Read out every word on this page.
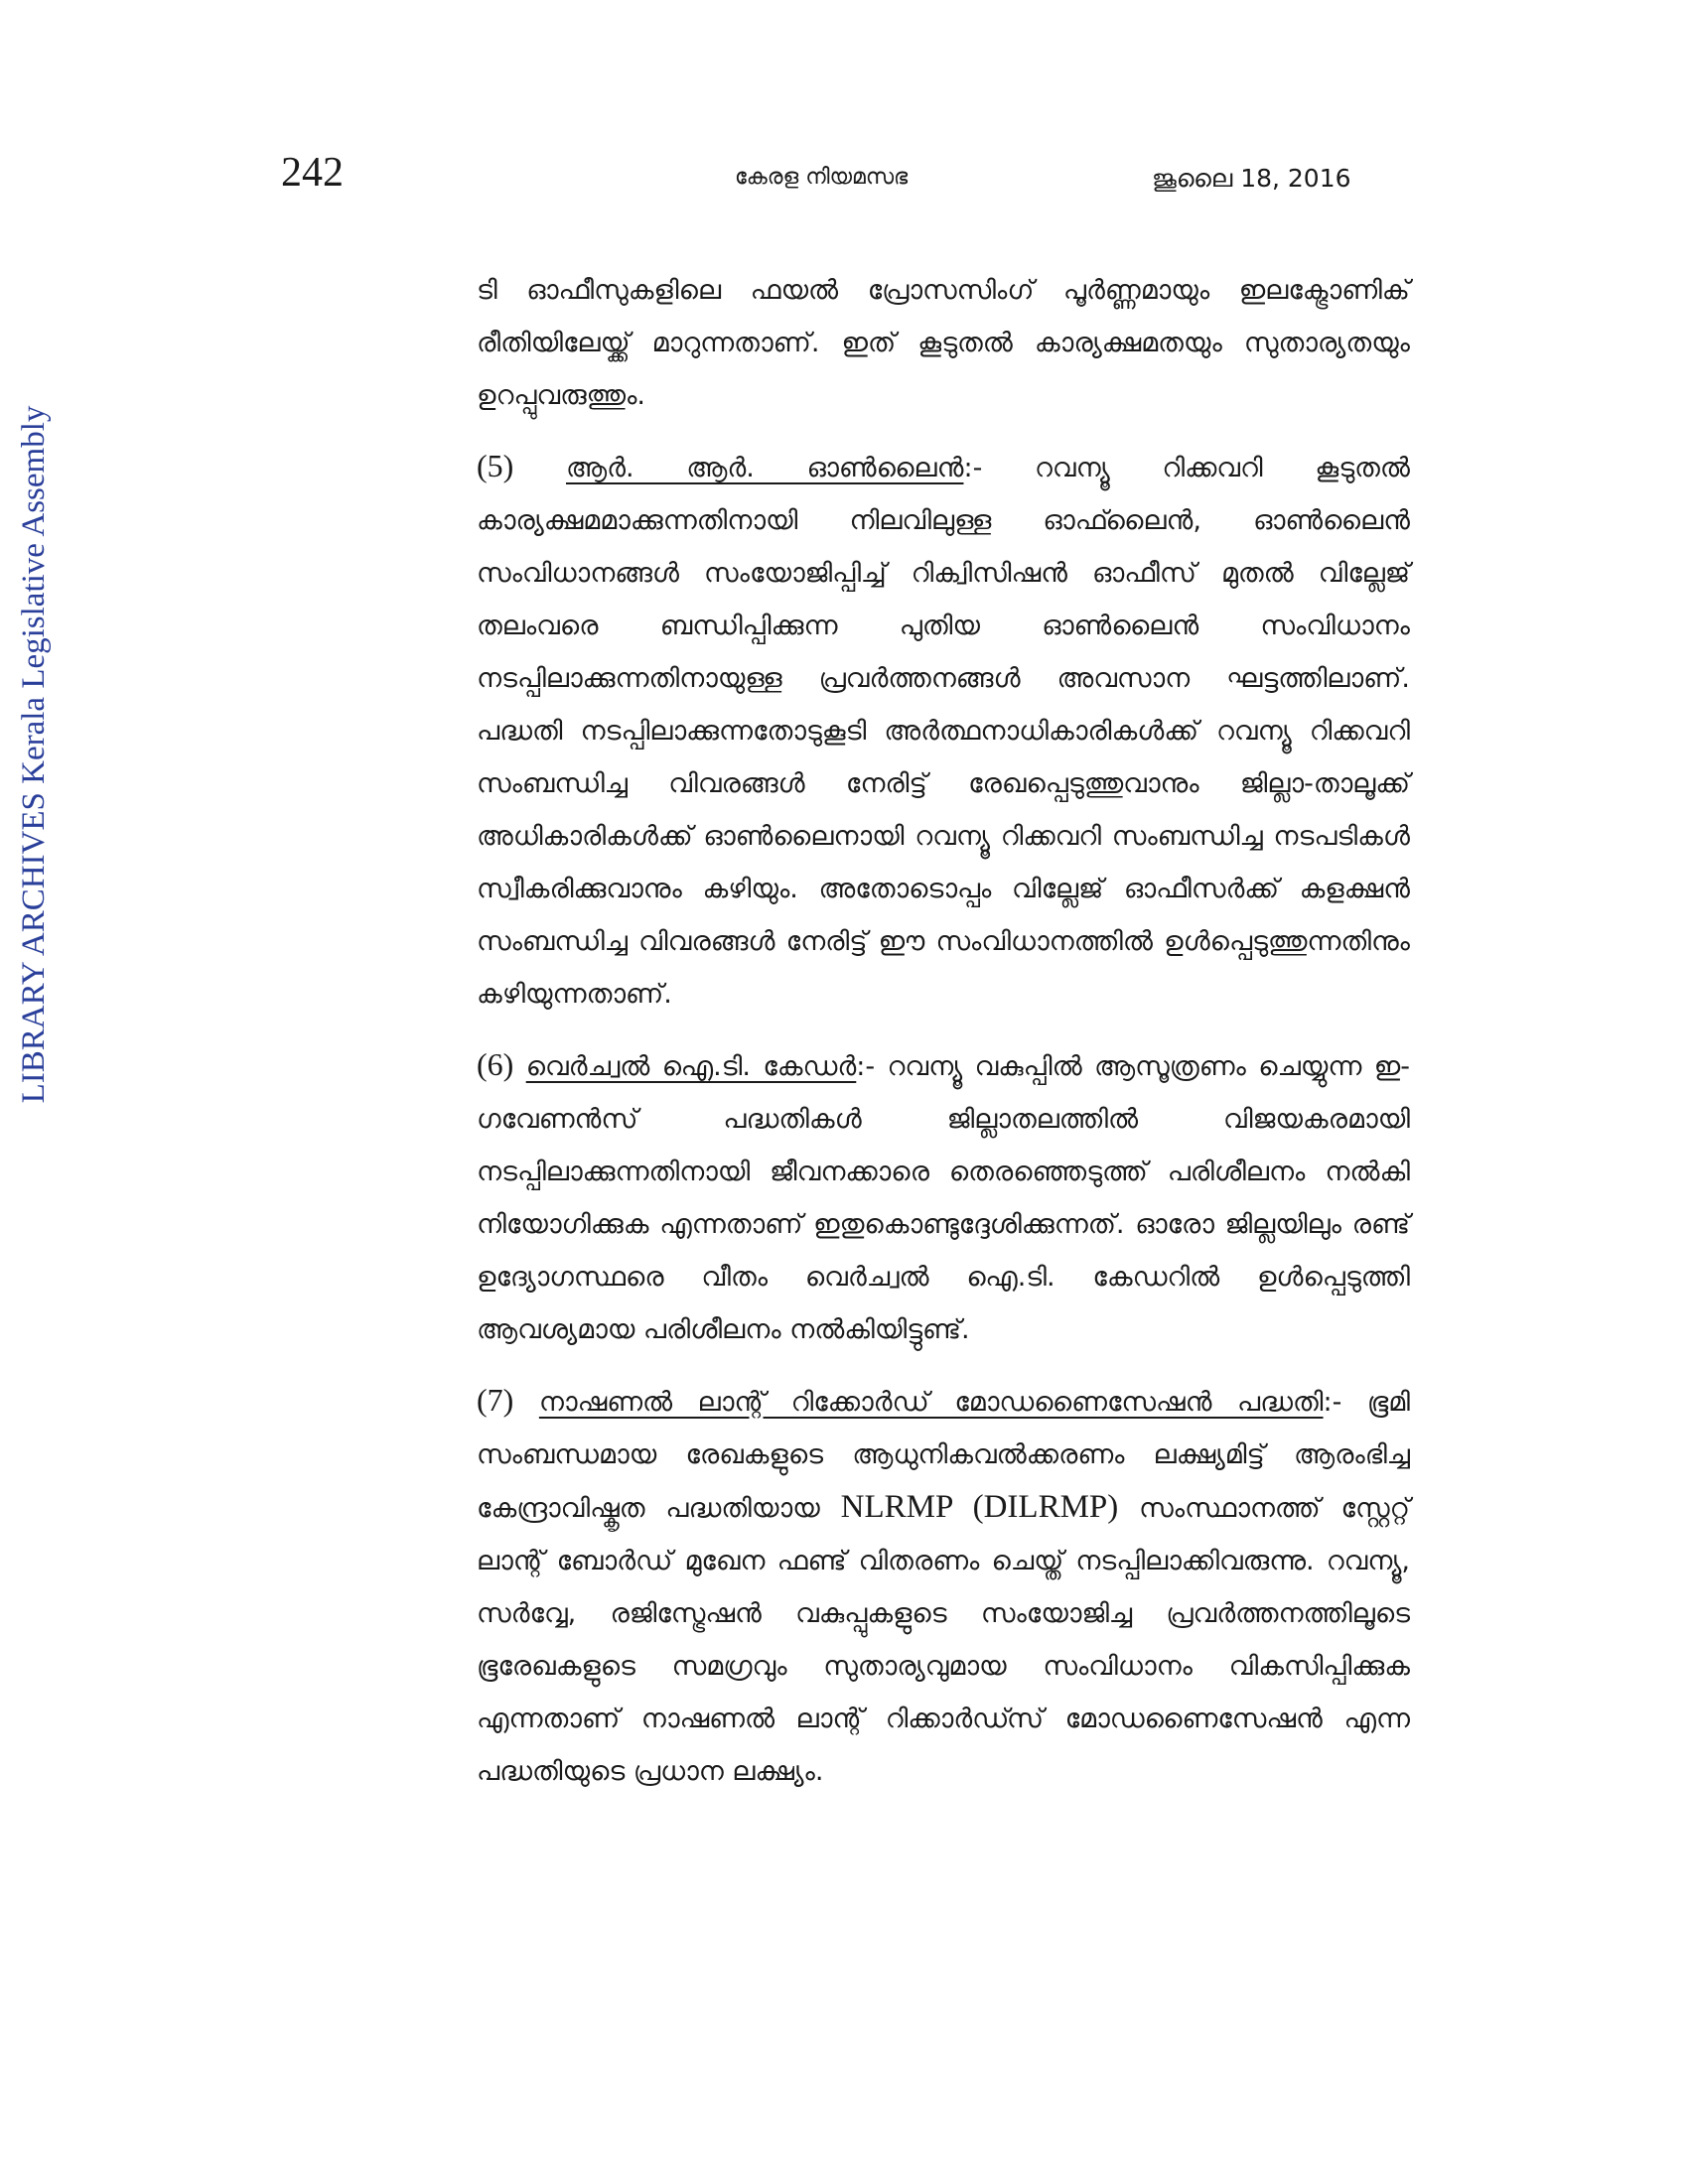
242	കേരള നിയമസഭ	ജൂലൈ 18, 2016
LIBRARY ARCHIVES Kerala Legislative Assembly

ടി ഓഫീസുകളിലെ ഫയൽ പ്രോസസിംഗ് പൂർണ്ണമായും ഇലക്ട്രോണിക് രീതിയിലേയ്ക്ക് മാറുന്നതാണ്. ഇത് കൂടുതൽ കാര്യക്ഷമതയും സുതാര്യതയും ഉറപ്പുവരുത്തും.

(5) ആർ. ആർ. ഓൺലൈൻ:- റവന്യൂ റിക്കവറി കൂടുതൽ കാര്യക്ഷമമാക്കുന്നതിനായി നിലവിലുള്ള ഓഫ്‍ലൈൻ, ഓൺലൈൻ സംവിധാനങ്ങൾ സംയോജിപ്പിച്ച് റിക്വിസിഷൻ ഓഫീസ് മുതൽ വില്ലേജ് തലംവരെ ബന്ധിപ്പിക്കുന്ന പുതിയ ഓൺലൈൻ സംവിധാനം നടപ്പിലാക്കുന്നതിനായുള്ള പ്രവർത്തനങ്ങൾ അവസാന ഘട്ടത്തിലാണ്. പദ്ധതി നടപ്പിലാക്കുന്നതോടുകൂടി അർത്ഥനാധികാരികൾക്ക് റവന്യൂ റിക്കവറി സംബന്ധിച്ച വിവരങ്ങൾ നേരിട്ട് രേഖപ്പെടുത്തുവാനും ജില്ലാ-താലൂക്ക് അധികാരികൾക്ക് ഓൺലൈനായി റവന്യൂ റിക്കവറി സംബന്ധിച്ച നടപടികൾ സ്വീകരിക്കുവാനും കഴിയും. അതോടൊപ്പം വില്ലേജ് ഓഫീസർക്ക് കളക്ഷൻ സംബന്ധിച്ച വിവരങ്ങൾ നേരിട്ട് ഈ സംവിധാനത്തിൽ ഉൾപ്പെടുത്തുന്നതിനും കഴിയുന്നതാണ്.

(6) വെർച്വൽ ഐ.ടി. കേഡർ:- റവന്യൂ വകുപ്പിൽ ആസൂത്രണം ചെയ്യുന്ന ഇ-ഗവേണൻസ് പദ്ധതികൾ ജില്ലാതലത്തിൽ വിജയകരമായി നടപ്പിലാക്കുന്നതിനായി ജീവനക്കാരെ തെരഞ്ഞെടുത്ത് പരിശീലനം നൽകി നിയോഗിക്കുക എന്നതാണ് ഇതുകൊണ്ടുദ്ദേശിക്കുന്നത്. ഓരോ ജില്ലയിലും രണ്ട് ഉദ്യോഗസ്ഥരെ വീതം വെർച്വൽ ഐ.ടി. കേഡറിൽ ഉൾപ്പെടുത്തി ആവശ്യമായ പരിശീലനം നൽകിയിട്ടുണ്ട്.

(7) നാഷണൽ ലാന്റ് റിക്കോർഡ് മോഡണൈസേഷൻ പദ്ധതി:- ഭൂമി സംബന്ധമായ രേഖകളുടെ ആധുനികവൽക്കരണം ലക്ഷ്യമിട്ട് ആരംഭിച്ച കേന്ദ്രാവിഷ്കൃത പദ്ധതിയായ NLRMP (DILRMP) സംസ്ഥാനത്ത് സ്റ്റേറ്റ് ലാന്റ് ബോർഡ് മുഖേന ഫണ്ട് വിതരണം ചെയ്ത് നടപ്പിലാക്കിവരുന്നു. റവന്യൂ, സർവ്വേ, രജിസ്ട്രേഷൻ വകുപ്പുകളുടെ സംയോജിച്ച പ്രവർത്തനത്തിലൂടെ ഭൂരേഖകളുടെ സമഗ്രവും സുതാര്യവുമായ സംവിധാനം വികസിപ്പിക്കുക എന്നതാണ് നാഷണൽ ലാന്റ് റിക്കാർഡ്സ് മോഡണൈസേഷൻ എന്ന പദ്ധതിയുടെ പ്രധാന ലക്ഷ്യം.
